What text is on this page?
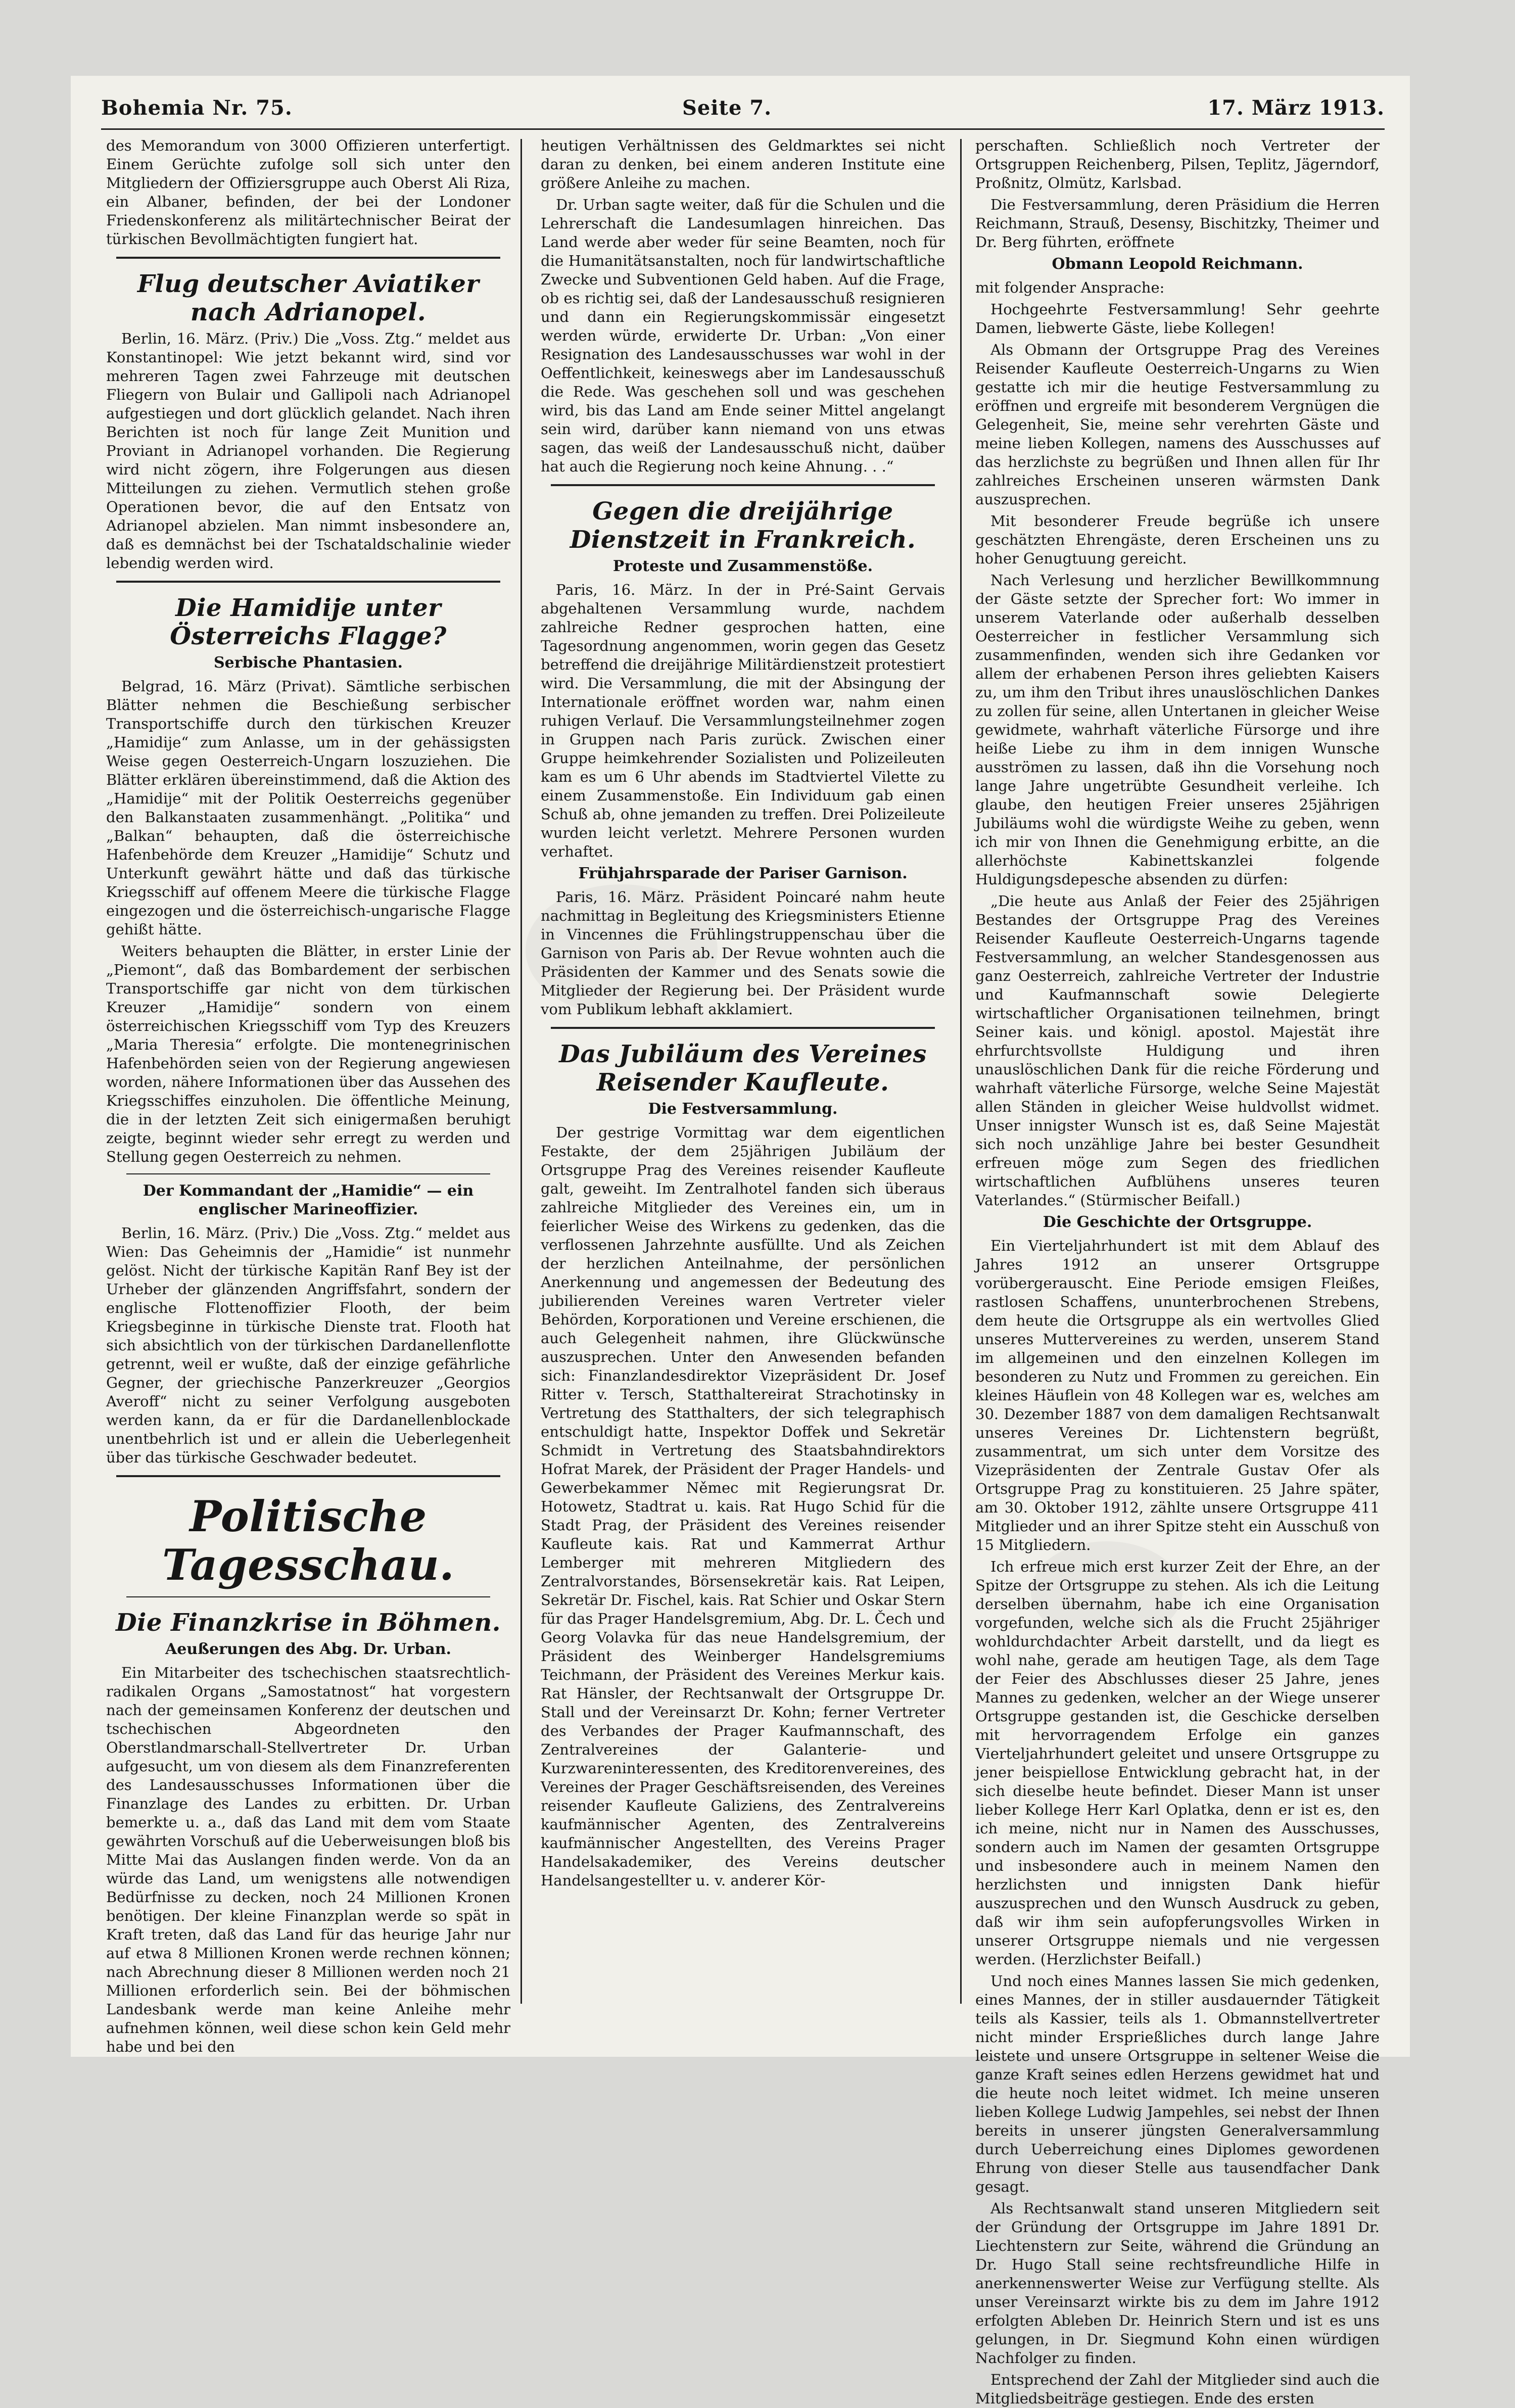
Bohemia Nr. 75.	Seite 7.	17. März 1913.

des Memorandum von 3000 Offizieren unterfertigt. Einem Gerüchte zufolge soll sich unter den Mitgliedern der Offiziersgruppe auch Oberst Ali Riza, ein Albaner, befinden, der bei der Londoner Friedenskonferenz als militärtechnischer Beirat der türkischen Bevollmächtigten fungiert hat.

Flug deutscher Aviatiker nach Adrianopel.

Berlin, 16. März. (Priv.) Die „Voss. Ztg.“ meldet aus Konstantinopel: Wie jetzt bekannt wird, sind vor mehreren Tagen zwei Fahrzeuge mit deutschen Fliegern von Bulair und Gallipoli nach Adrianopel aufgestiegen und dort glücklich gelandet. Nach ihren Berichten ist noch für lange Zeit Munition und Proviant in Adrianopel vorhanden. Die Regierung wird nicht zögern, ihre Folgerungen aus diesen Mitteilungen zu ziehen. Vermutlich stehen große Operationen bevor, die auf den Entsatz von Adrianopel abzielen. Man nimmt insbesondere an, daß es demnächst bei der Tschataldschalinie wieder lebendig werden wird.

Die Hamidije unter Österreichs Flagge?
Serbische Phantasien.

Belgrad, 16. März (Privat). Sämtliche serbischen Blätter nehmen die Beschießung serbischer Transportschiffe durch den türkischen Kreuzer „Hamidije“ zum Anlasse, um in der gehässigsten Weise gegen Oesterreich-Ungarn loszuziehen. Die Blätter erklären übereinstimmend, daß die Aktion des „Hamidije“ mit der Politik Oesterreichs gegenüber den Balkanstaaten zusammenhängt. „Politika“ und „Balkan“ behaupten, daß die österreichische Hafenbehörde dem Kreuzer „Hamidije“ Schutz und Unterkunft gewährt hätte und daß das türkische Kriegsschiff auf offenem Meere die türkische Flagge eingezogen und die österreichisch-ungarische Flagge gehißt hätte.

Weiters behaupten die Blätter, in erster Linie der „Piemont“, daß das Bombardement der serbischen Transportschiffe gar nicht von dem türkischen Kreuzer „Hamidije“ sondern von einem österreichischen Kriegsschiff vom Typ des Kreuzers „Maria Theresia“ erfolgte. Die montenegrinischen Hafenbehörden seien von der Regierung angewiesen worden, nähere Informationen über das Aussehen des Kriegsschiffes einzuholen. Die öffentliche Meinung, die in der letzten Zeit sich einigermaßen beruhigt zeigte, beginnt wieder sehr erregt zu werden und Stellung gegen Oesterreich zu nehmen.

Der Kommandant der „Hamidie“ — ein englischer Marineoffizier.

Berlin, 16. März. (Priv.) Die „Voss. Ztg.“ meldet aus Wien: Das Geheimnis der „Hamidie“ ist nunmehr gelöst. Nicht der türkische Kapitän Ranf Bey ist der Urheber der glänzenden Angriffsfahrt, sondern der englische Flottenoffizier Flooth, der beim Kriegsbeginne in türkische Dienste trat. Flooth hat sich absichtlich von der türkischen Dardanellenflotte getrennt, weil er wußte, daß der einzige gefährliche Gegner, der griechische Panzerkreuzer „Georgios Averoff“ nicht zu seiner Verfolgung ausgeboten werden kann, da er für die Dardanellenblockade unentbehrlich ist und er allein die Ueberlegenheit über das türkische Geschwader bedeutet.

Politische Tagesschau.
Die Finanzkrise in Böhmen.
Aeußerungen des Abg. Dr. Urban.

Ein Mitarbeiter des tschechischen staatsrechtlich-radikalen Organs „Samostatnost“ hat vorgestern nach der gemeinsamen Konferenz der deutschen und tschechischen Abgeordneten den Oberstlandmarschall-Stellvertreter Dr. Urban aufgesucht, um von diesem als dem Finanzreferenten des Landesausschusses Informationen über die Finanzlage des Landes zu erbitten. Dr. Urban bemerkte u. a., daß das Land mit dem vom Staate gewährten Vorschuß auf die Ueberweisungen bloß bis Mitte Mai das Auslangen finden werde. Von da an würde das Land, um wenigstens alle notwendigen Bedürfnisse zu decken, noch 24 Millionen Kronen benötigen. Der kleine Finanzplan werde so spät in Kraft treten, daß das Land für das heurige Jahr nur auf etwa 8 Millionen Kronen werde rechnen können; nach Abrechnung dieser 8 Millionen werden noch 21 Millionen erforderlich sein. Bei der böhmischen Landesbank werde man keine Anleihe mehr aufnehmen können, weil diese schon kein Geld mehr habe und bei den

heutigen Verhältnissen des Geldmarktes sei nicht daran zu denken, bei einem anderen Institute eine größere Anleihe zu machen.

Dr. Urban sagte weiter, daß für die Schulen und die Lehrerschaft die Landesumlagen hinreichen. Das Land werde aber weder für seine Beamten, noch für die Humanitätsanstalten, noch für landwirtschaftliche Zwecke und Subventionen Geld haben. Auf die Frage, ob es richtig sei, daß der Landesausschuß resignieren und dann ein Regierungskommissär eingesetzt werden würde, erwiderte Dr. Urban: „Von einer Resignation des Landesausschusses war wohl in der Oeffentlichkeit, keineswegs aber im Landesausschuß die Rede. Was geschehen soll und was geschehen wird, bis das Land am Ende seiner Mittel angelangt sein wird, darüber kann niemand von uns etwas sagen, das weiß der Landesausschuß nicht, daüber hat auch die Regierung noch keine Ahnung. . .“

Gegen die dreijährige Dienstzeit in Frankreich.
Proteste und Zusammenstöße.

Paris, 16. März. In der in Pré-Saint Gervais abgehaltenen Versammlung wurde, nachdem zahlreiche Redner gesprochen hatten, eine Tagesordnung angenommen, worin gegen das Gesetz betreffend die dreijährige Militärdienstzeit protestiert wird. Die Versammlung, die mit der Absingung der Internationale eröffnet worden war, nahm einen ruhigen Verlauf. Die Versammlungsteilnehmer zogen in Gruppen nach Paris zurück. Zwischen einer Gruppe heimkehrender Sozialisten und Polizeileuten kam es um 6 Uhr abends im Stadtviertel Vilette zu einem Zusammenstoße. Ein Individuum gab einen Schuß ab, ohne jemanden zu treffen. Drei Polizeileute wurden leicht verletzt. Mehrere Personen wurden verhaftet.

Frühjahrsparade der Pariser Garnison.

Paris, 16. März. Präsident Poincaré nahm heute nachmittag in Begleitung des Kriegsministers Etienne in Vincennes die Frühlingstruppenschau über die Garnison von Paris ab. Der Revue wohnten auch die Präsidenten der Kammer und des Senats sowie die Mitglieder der Regierung bei. Der Präsident wurde vom Publikum lebhaft akklamiert.

Das Jubiläum des Vereines Reisender Kaufleute.
Die Festversammlung.

Der gestrige Vormittag war dem eigentlichen Festakte, der dem 25jährigen Jubiläum der Ortsgruppe Prag des Vereines reisender Kaufleute galt, geweiht. Im Zentralhotel fanden sich überaus zahlreiche Mitglieder des Vereines ein, um in feierlicher Weise des Wirkens zu gedenken, das die verflossenen Jahrzehnte ausfüllte. Und als Zeichen der herzlichen Anteilnahme, der persönlichen Anerkennung und angemessen der Bedeutung des jubilierenden Vereines waren Vertreter vieler Behörden, Korporationen und Vereine erschienen, die auch Gelegenheit nahmen, ihre Glückwünsche auszusprechen. Unter den Anwesenden befanden sich: Finanzlandesdirektor Vizepräsident Dr. Josef Ritter v. Tersch, Statthaltereirat Strachotinsky in Vertretung des Statthalters, der sich telegraphisch entschuldigt hatte, Inspektor Doffek und Sekretär Schmidt in Vertretung des Staatsbahndirektors Hofrat Marek, der Präsident der Prager Handels- und Gewerbekammer Němec mit Regierungsrat Dr. Hotowetz, Stadtrat u. kais. Rat Hugo Schid für die Stadt Prag, der Präsident des Vereines reisender Kaufleute kais. Rat und Kammerrat Arthur Lemberger mit mehreren Mitgliedern des Zentralvorstandes, Börsensekretär kais. Rat Leipen, Sekretär Dr. Fischel, kais. Rat Schier und Oskar Stern für das Prager Handelsgremium, Abg. Dr. L. Čech und Georg Volavka für das neue Handelsgremium, der Präsident des Weinberger Handelsgremiums Teichmann, der Präsident des Vereines Merkur kais. Rat Hänsler, der Rechtsanwalt der Ortsgruppe Dr. Stall und der Vereinsarzt Dr. Kohn; ferner Vertreter des Verbandes der Prager Kaufmannschaft, des Zentralvereines der Galanterie- und Kurzwareninteressenten, des Kreditorenvereines, des Vereines der Prager Geschäftsreisenden, des Vereines reisender Kaufleute Galiziens, des Zentralvereins kaufmännischer Agenten, des Zentralvereins kaufmännischer Angestellten, des Vereins Prager Handelsakademiker, des Vereins deutscher Handelsangestellter u. v. anderer Kör-

perschaften. Schließlich noch Vertreter der Ortsgruppen Reichenberg, Pilsen, Teplitz, Jägerndorf, Proßnitz, Olmütz, Karlsbad.

Die Festversammlung, deren Präsidium die Herren Reichmann, Strauß, Desensy, Bischitzky, Theimer und Dr. Berg führten, eröffnete

Obmann Leopold Reichmann.

mit folgender Ansprache:

Hochgeehrte Festversammlung! Sehr geehrte Damen, liebwerte Gäste, liebe Kollegen!

Als Obmann der Ortsgruppe Prag des Vereines Reisender Kaufleute Oesterreich-Ungarns zu Wien gestatte ich mir die heutige Festversammlung zu eröffnen und ergreife mit besonderem Vergnügen die Gelegenheit, Sie, meine sehr verehrten Gäste und meine lieben Kollegen, namens des Ausschusses auf das herzlichste zu begrüßen und Ihnen allen für Ihr zahlreiches Erscheinen unseren wärmsten Dank auszusprechen.

Mit besonderer Freude begrüße ich unsere geschätzten Ehrengäste, deren Erscheinen uns zu hoher Genugtuung gereicht.

Nach Verlesung und herzlicher Bewillkommnung der Gäste setzte der Sprecher fort: Wo immer in unserem Vaterlande oder außerhalb desselben Oesterreicher in festlicher Versammlung sich zusammenfinden, wenden sich ihre Gedanken vor allem der erhabenen Person ihres geliebten Kaisers zu, um ihm den Tribut ihres unauslöschlichen Dankes zu zollen für seine, allen Untertanen in gleicher Weise gewidmete, wahrhaft väterliche Fürsorge und ihre heiße Liebe zu ihm in dem innigen Wunsche ausströmen zu lassen, daß ihn die Vorsehung noch lange Jahre ungetrübte Gesundheit verleihe. Ich glaube, den heutigen Freier unseres 25jährigen Jubiläums wohl die würdigste Weihe zu geben, wenn ich mir von Ihnen die Genehmigung erbitte, an die allerhöchste Kabinettskanzlei folgende Huldigungsdepesche absenden zu dürfen:

„Die heute aus Anlaß der Feier des 25jährigen Bestandes der Ortsgruppe Prag des Vereines Reisender Kaufleute Oesterreich-Ungarns tagende Festversammlung, an welcher Standesgenossen aus ganz Oesterreich, zahlreiche Vertreter der Industrie und Kaufmannschaft sowie Delegierte wirtschaftlicher Organisationen teilnehmen, bringt Seiner kais. und königl. apostol. Majestät ihre ehrfurchtsvollste Huldigung und ihren unauslöschlichen Dank für die reiche Förderung und wahrhaft väterliche Fürsorge, welche Seine Majestät allen Ständen in gleicher Weise huldvollst widmet. Unser innigster Wunsch ist es, daß Seine Majestät sich noch unzählige Jahre bei bester Gesundheit erfreuen möge zum Segen des friedlichen wirtschaftlichen Aufblühens unseres teuren Vaterlandes.“ (Stürmischer Beifall.)

Die Geschichte der Ortsgruppe.

Ein Vierteljahrhundert ist mit dem Ablauf des Jahres 1912 an unserer Ortsgruppe vorübergerauscht. Eine Periode emsigen Fleißes, rastlosen Schaffens, ununterbrochenen Strebens, dem heute die Ortsgruppe als ein wertvolles Glied unseres Muttervereines zu werden, unserem Stand im allgemeinen und den einzelnen Kollegen im besonderen zu Nutz und Frommen zu gereichen. Ein kleines Häuflein von 48 Kollegen war es, welches am 30. Dezember 1887 von dem damaligen Rechtsanwalt unseres Vereines Dr. Lichtenstern begrüßt, zusammentrat, um sich unter dem Vorsitze des Vizepräsidenten der Zentrale Gustav Ofer als Ortsgruppe Prag zu konstituieren. 25 Jahre später, am 30. Oktober 1912, zählte unsere Ortsgruppe 411 Mitglieder und an ihrer Spitze steht ein Ausschuß von 15 Mitgliedern.

Ich erfreue mich erst kurzer Zeit der Ehre, an der Spitze der Ortsgruppe zu stehen. Als ich die Leitung derselben übernahm, habe ich eine Organisation vorgefunden, welche sich als die Frucht 25jähriger wohldurchdachter Arbeit darstellt, und da liegt es wohl nahe, gerade am heutigen Tage, als dem Tage der Feier des Abschlusses dieser 25 Jahre, jenes Mannes zu gedenken, welcher an der Wiege unserer Ortsgruppe gestanden ist, die Geschicke derselben mit hervorragendem Erfolge ein ganzes Vierteljahrhundert geleitet und unsere Ortsgruppe zu jener beispiellose Entwicklung gebracht hat, in der sich dieselbe heute befindet. Dieser Mann ist unser lieber Kollege Herr Karl Oplatka, denn er ist es, den ich meine, nicht nur in Namen des Ausschusses, sondern auch im Namen der gesamten Ortsgruppe und insbesondere auch in meinem Namen den herzlichsten und innigsten Dank hiefür auszusprechen und den Wunsch Ausdruck zu geben, daß wir ihm sein aufopferungsvolles Wirken in unserer Ortsgruppe niemals und nie vergessen werden. (Herzlichster Beifall.)

Und noch eines Mannes lassen Sie mich gedenken, eines Mannes, der in stiller ausdauernder Tätigkeit teils als Kassier, teils als 1. Obmannstellvertreter nicht minder Ersprießliches durch lange Jahre leistete und unsere Ortsgruppe in seltener Weise die ganze Kraft seines edlen Herzens gewidmet hat und die heute noch leitet widmet. Ich meine unseren lieben Kollege Ludwig Jampehles, sei nebst der Ihnen bereits in unserer jüngsten Generalversammlung durch Ueberreichung eines Diplomes gewordenen Ehrung von dieser Stelle aus tausendfacher Dank gesagt.

Als Rechtsanwalt stand unseren Mitgliedern seit der Gründung der Ortsgruppe im Jahre 1891 Dr. Liechtenstern zur Seite, während die Gründung an Dr. Hugo Stall seine rechtsfreundliche Hilfe in anerkennenswerter Weise zur Verfügung stellte. Als unser Vereinsarzt wirkte bis zu dem im Jahre 1912 erfolgten Ableben Dr. Heinrich Stern und ist es uns gelungen, in Dr. Siegmund Kohn einen würdigen Nachfolger zu finden.

Entsprechend der Zahl der Mitglieder sind auch die Mitgliedsbeiträge gestiegen. Ende des ersten
